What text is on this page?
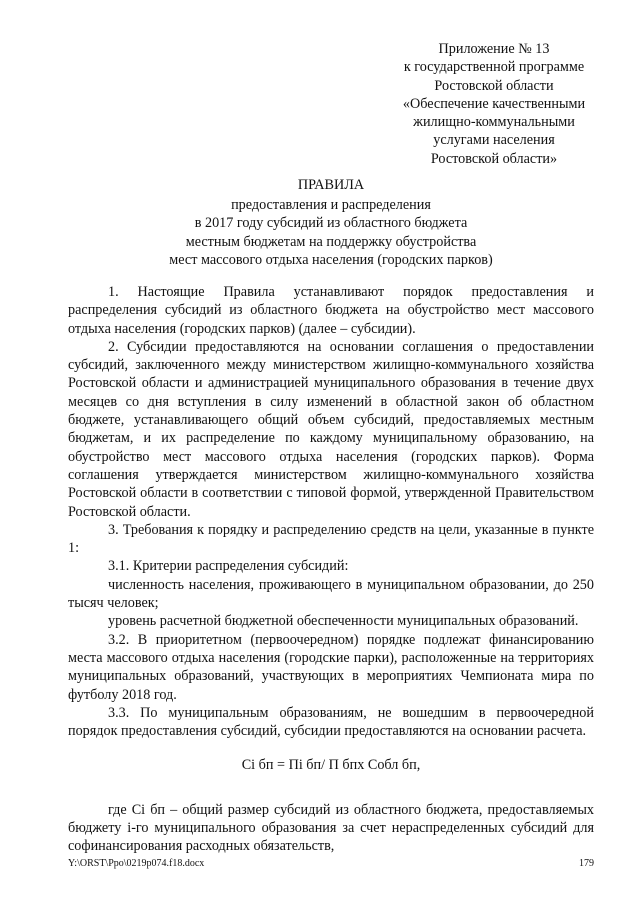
Приложение № 13
к государственной программе
Ростовской области
«Обеспечение качественными
жилищно-коммунальными
услугами населения
Ростовской области»
ПРАВИЛА
предоставления и распределения
в 2017 году субсидий из областного бюджета
местным бюджетам на поддержку обустройства
мест массового отдыха населения (городских парков)

1. Настоящие Правила устанавливают порядок предоставления и распределения субсидий из областного бюджета на обустройство мест массового отдыха населения (городских парков) (далее – субсидии).

2. Субсидии предоставляются на основании соглашения о предоставлении субсидий, заключенного между министерством жилищно-коммунального хозяйства Ростовской области и администрацией муниципального образования в течение двух месяцев со дня вступления в силу изменений в областной закон об областном бюджете, устанавливающего общий объем субсидий, предоставляемых местным бюджетам, и их распределение по каждому муниципальному образованию, на обустройство мест массового отдыха населения (городских парков). Форма соглашения утверждается министерством жилищно-коммунального хозяйства Ростовской области в соответствии с типовой формой, утвержденной Правительством Ростовской области.

3. Требования к порядку и распределению средств на цели, указанные в пункте 1:

3.1. Критерии распределения субсидий:

численность населения, проживающего в муниципальном образовании, до 250 тысяч человек;

уровень расчетной бюджетной обеспеченности муниципальных образований.

3.2. В приоритетном (первоочередном) порядке подлежат финансированию места массового отдыха населения (городские парки), расположенные на территориях муниципальных образований, участвующих в мероприятиях Чемпионата мира по футболу 2018 год.

3.3. По муниципальным образованиям, не вошедшим в первоочередной порядок предоставления субсидий, субсидии предоставляются на основании расчета.

Сi бп = Пi бп/ П бпх Собл бп,

где Сi бп – общий размер субсидий из областного бюджета, предоставляемых бюджету i-го муниципального образования за счет нераспределенных субсидий для софинансирования расходных обязательств,

Y:\ORST\Ppo\0219p074.f18.docx	179
